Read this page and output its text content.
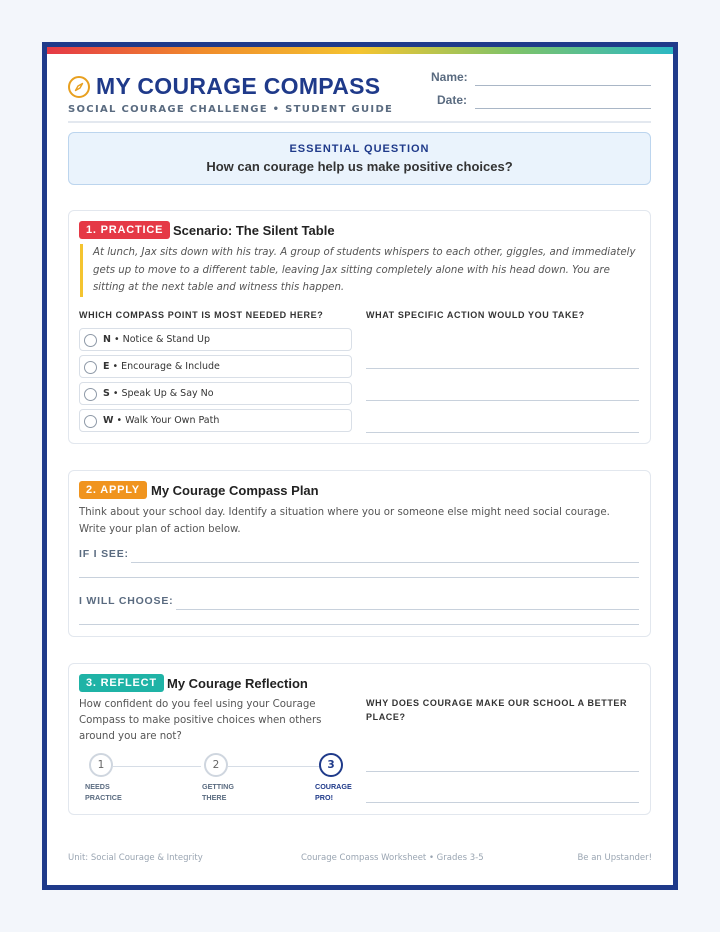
MY COURAGE COMPASS
SOCIAL COURAGE CHALLENGE • STUDENT GUIDE
Name:
Date:
ESSENTIAL QUESTION
How can courage help us make positive choices?
1. PRACTICE Scenario: The Silent Table
At lunch, Jax sits down with his tray. A group of students whispers to each other, giggles, and immediately gets up to move to a different table, leaving Jax sitting completely alone with his head down. You are sitting at the next table and witness this happen.
WHICH COMPASS POINT IS MOST NEEDED HERE?	WHAT SPECIFIC ACTION WOULD YOU TAKE?
N • Notice & Stand Up
E • Encourage & Include
S • Speak Up & Say No
W • Walk Your Own Path
2. APPLY My Courage Compass Plan
Think about your school day. Identify a situation where you or someone else might need social courage. Write your plan of action below.
IF I SEE:
I WILL CHOOSE:
3. REFLECT My Courage Reflection
How confident do you feel using your Courage Compass to make positive choices when others around you are not?
WHY DOES COURAGE MAKE OUR SCHOOL A BETTER PLACE?
1	2	3
NEEDS
PRACTICE
GETTING
THERE
COURAGE
PRO!
Unit: Social Courage & Integrity	Courage Compass Worksheet • Grades 3-5	Be an Upstander!
